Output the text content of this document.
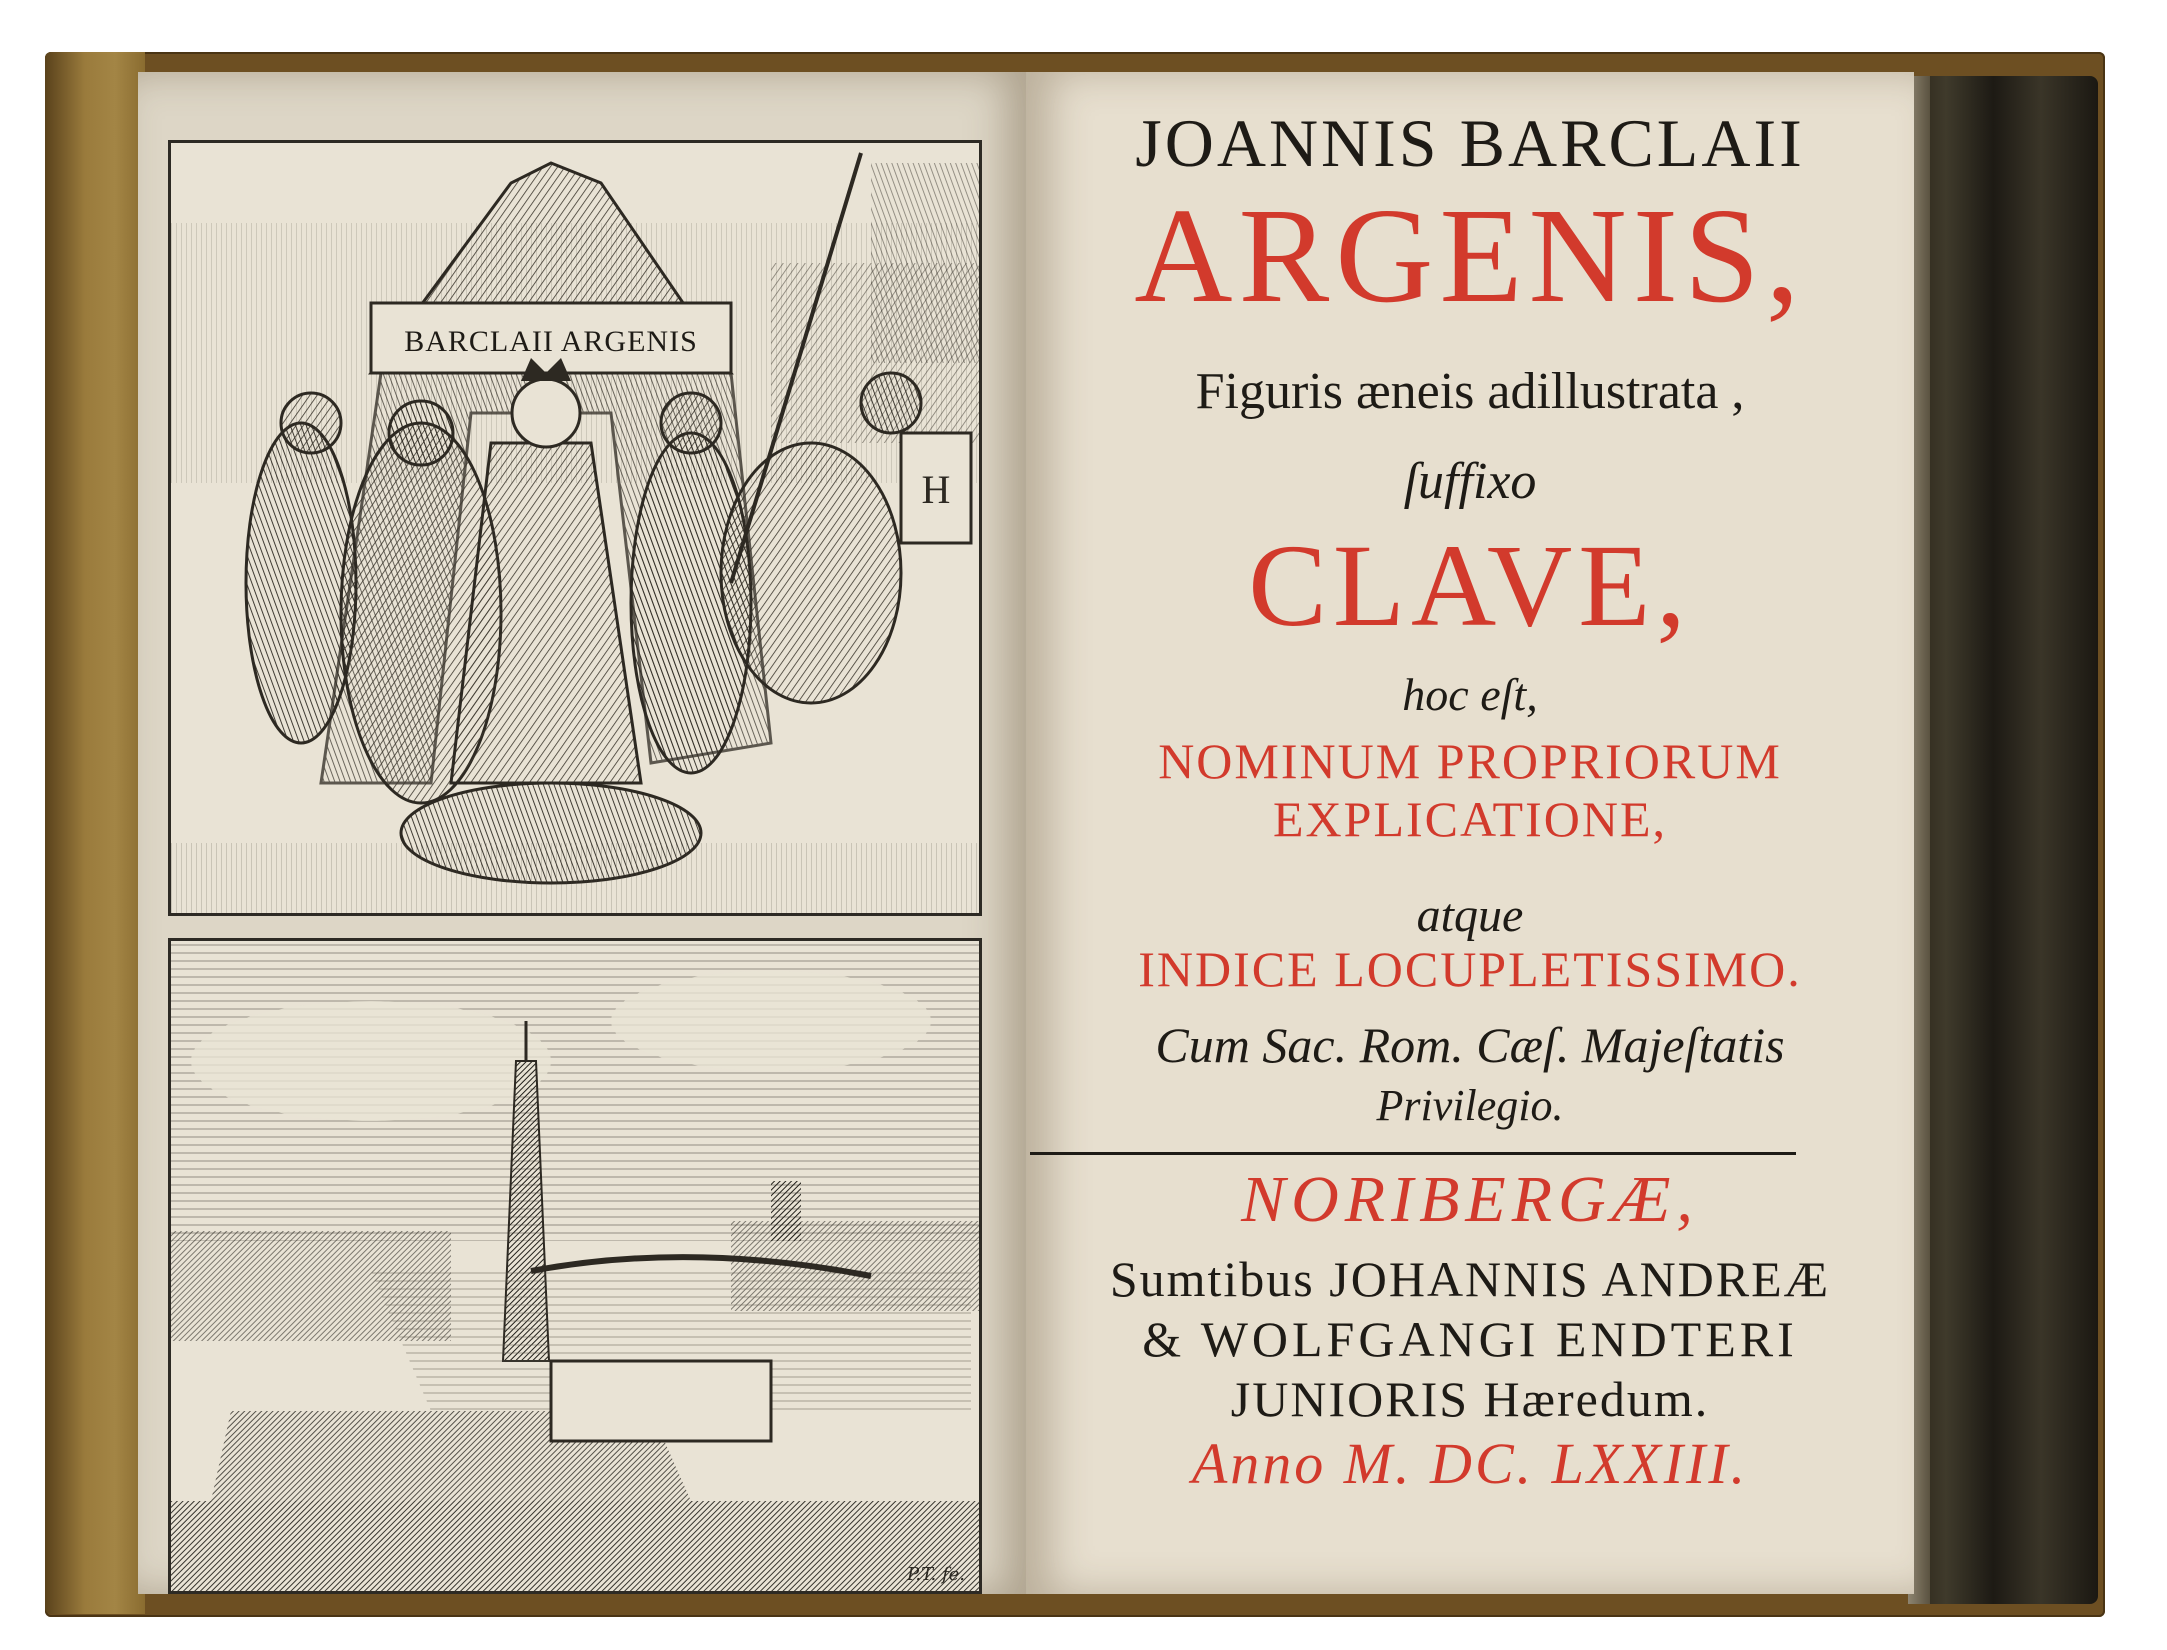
BARCLAII ARGENIS
H
P.T. fe.

JOANNIS BARCLAII

ARGENIS,

Figuris æneis adillustrata ,

ſuffixo

CLAVE,

hoc eſt,

NOMINUM PROPRIORUM

EXPLICATIONE,

atque

INDICE LOCUPLETISSIMO.

Cum Sac. Rom. Cæſ. Majeſtatis

Privilegio.

NORIBERGÆ,

Sumtibus JOHANNIS ANDREÆ

& WOLFGANGI ENDTERI

JUNIORIS Hæredum.

Anno M. DC. LXXIII.
